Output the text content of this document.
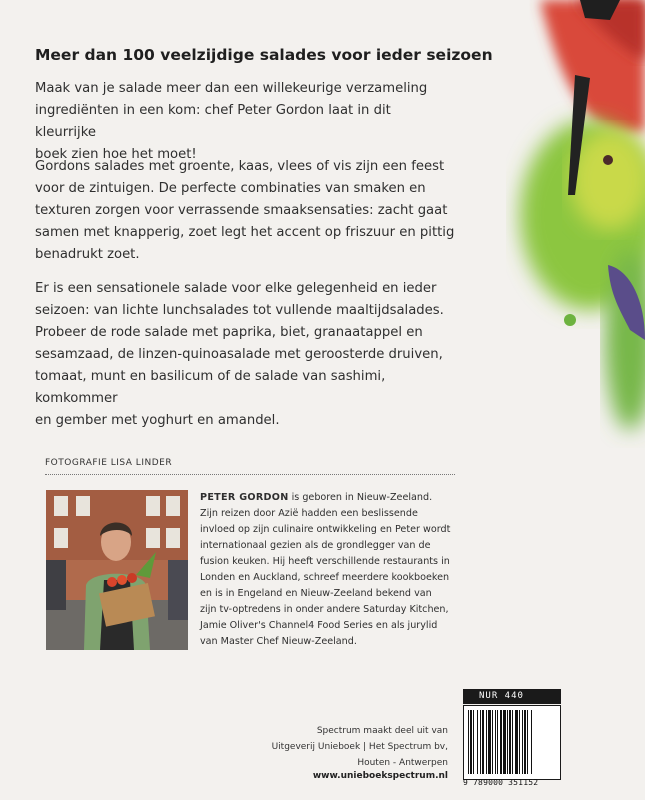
Meer dan 100 veelzijdige salades voor ieder seizoen
Maak van je salade meer dan een willekeurige verzameling
ingrediënten in een kom: chef Peter Gordon laat in dit kleurrijke
boek zien hoe het moet!
Gordons salades met groente, kaas, vlees of vis zijn een feest
voor de zintuigen. De perfecte combinaties van smaken en
texturen zorgen voor verrassende smaaksensaties: zacht gaat
samen met knapperig, zoet legt het accent op friszuur en pittig
benadrukt zoet.
Er is een sensationele salade voor elke gelegenheid en ieder
seizoen: van lichte lunchsalades tot vullende maaltijdsalades.
Probeer de rode salade met paprika, biet, granaatappel en
sesamzaad, de linzen-quinoasalade met geroosterde druiven,
tomaat, munt en basilicum of de salade van sashimi, komkommer
en gember met yoghurt en amandel.
FOTOGRAFIE LISA LINDER
PETER GORDON is geboren in Nieuw-Zeeland.
Zijn reizen door Azië hadden een beslissende
invloed op zijn culinaire ontwikkeling en Peter wordt
internationaal gezien als de grondlegger van de
fusion keuken. Hij heeft verschillende restaurants in
Londen en Auckland, schreef meerdere kookboeken
en is in Engeland en Nieuw-Zeeland bekend van
zijn tv-optredens in onder andere Saturday Kitchen,
Jamie Oliver's Channel4 Food Series en als jurylid
van Master Chef Nieuw-Zeeland.
Spectrum maakt deel uit van
Uitgeverij Unieboek | Het Spectrum bv,
Houten - Antwerpen
www.unieboekspectrum.nl
NUR 440
9 789000 351152
